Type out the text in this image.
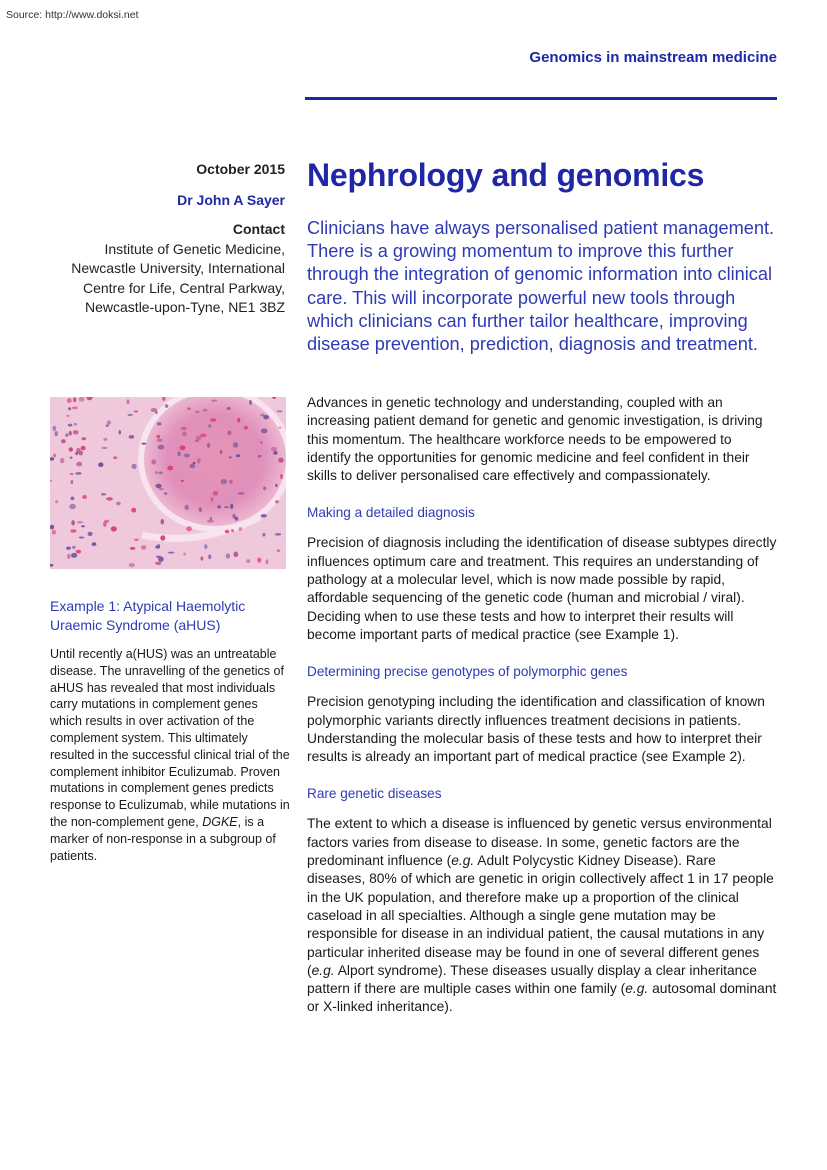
Source: http://www.doksi.net
Genomics in mainstream medicine
October 2015
Dr John A Sayer
Contact
Institute of Genetic Medicine,
Newcastle University, International
Centre for Life, Central Parkway,
Newcastle-upon-Tyne, NE1 3BZ
Nephrology and genomics

Clinicians have always personalised patient management. There is a growing momentum to improve this further through the integration of genomic information into clinical care. This will incorporate powerful new tools through which clinicians can further tailor healthcare, improving disease prevention, prediction, diagnosis and treatment.

Example 1: Atypical Haemolytic Uraemic Syndrome (aHUS)

Until recently a(HUS) was an untreatable disease. The unravelling of the genetics of aHUS has revealed that most individuals carry mutations in complement genes which results in over activation of the complement system. This ultimately resulted in the successful clinical trial of the complement inhibitor Eculizumab. Proven mutations in complement genes predicts response to Eculizumab, while mutations in the non-complement gene, DGKE, is a marker of non-response in a subgroup of patients.

Advances in genetic technology and understanding, coupled with an increasing patient demand for genetic and genomic investigation, is driving this momentum. The healthcare workforce needs to be empowered to identify the opportunities for genomic medicine and feel confident in their skills to deliver personalised care effectively and compassionately.

Making a detailed diagnosis

Precision of diagnosis including the identification of disease subtypes directly influences optimum care and treatment. This requires an understanding of pathology at a molecular level, which is now made possible by rapid, affordable sequencing of the genetic code (human and microbial / viral). Deciding when to use these tests and how to interpret their results will become important parts of medical practice (see Example 1).

Determining precise genotypes of polymorphic genes

Precision genotyping including the identification and classification of known polymorphic variants directly influences treatment decisions in patients. Understanding the molecular basis of these tests and how to interpret their results is already an important part of medical practice (see Example 2).

Rare genetic diseases

The extent to which a disease is influenced by genetic versus environmental factors varies from disease to disease. In some, genetic factors are the predominant influence (e.g. Adult Polycystic Kidney Disease). Rare diseases, 80% of which are genetic in origin collectively affect 1 in 17 people in the UK population, and therefore make up a proportion of the clinical caseload in all specialties. Although a single gene mutation may be responsible for disease in an individual patient, the causal mutations in any particular inherited disease may be found in one of several different genes (e.g. Alport syndrome). These diseases usually display a clear inheritance pattern if there are multiple cases within one family (e.g. autosomal dominant or X-linked inheritance).
